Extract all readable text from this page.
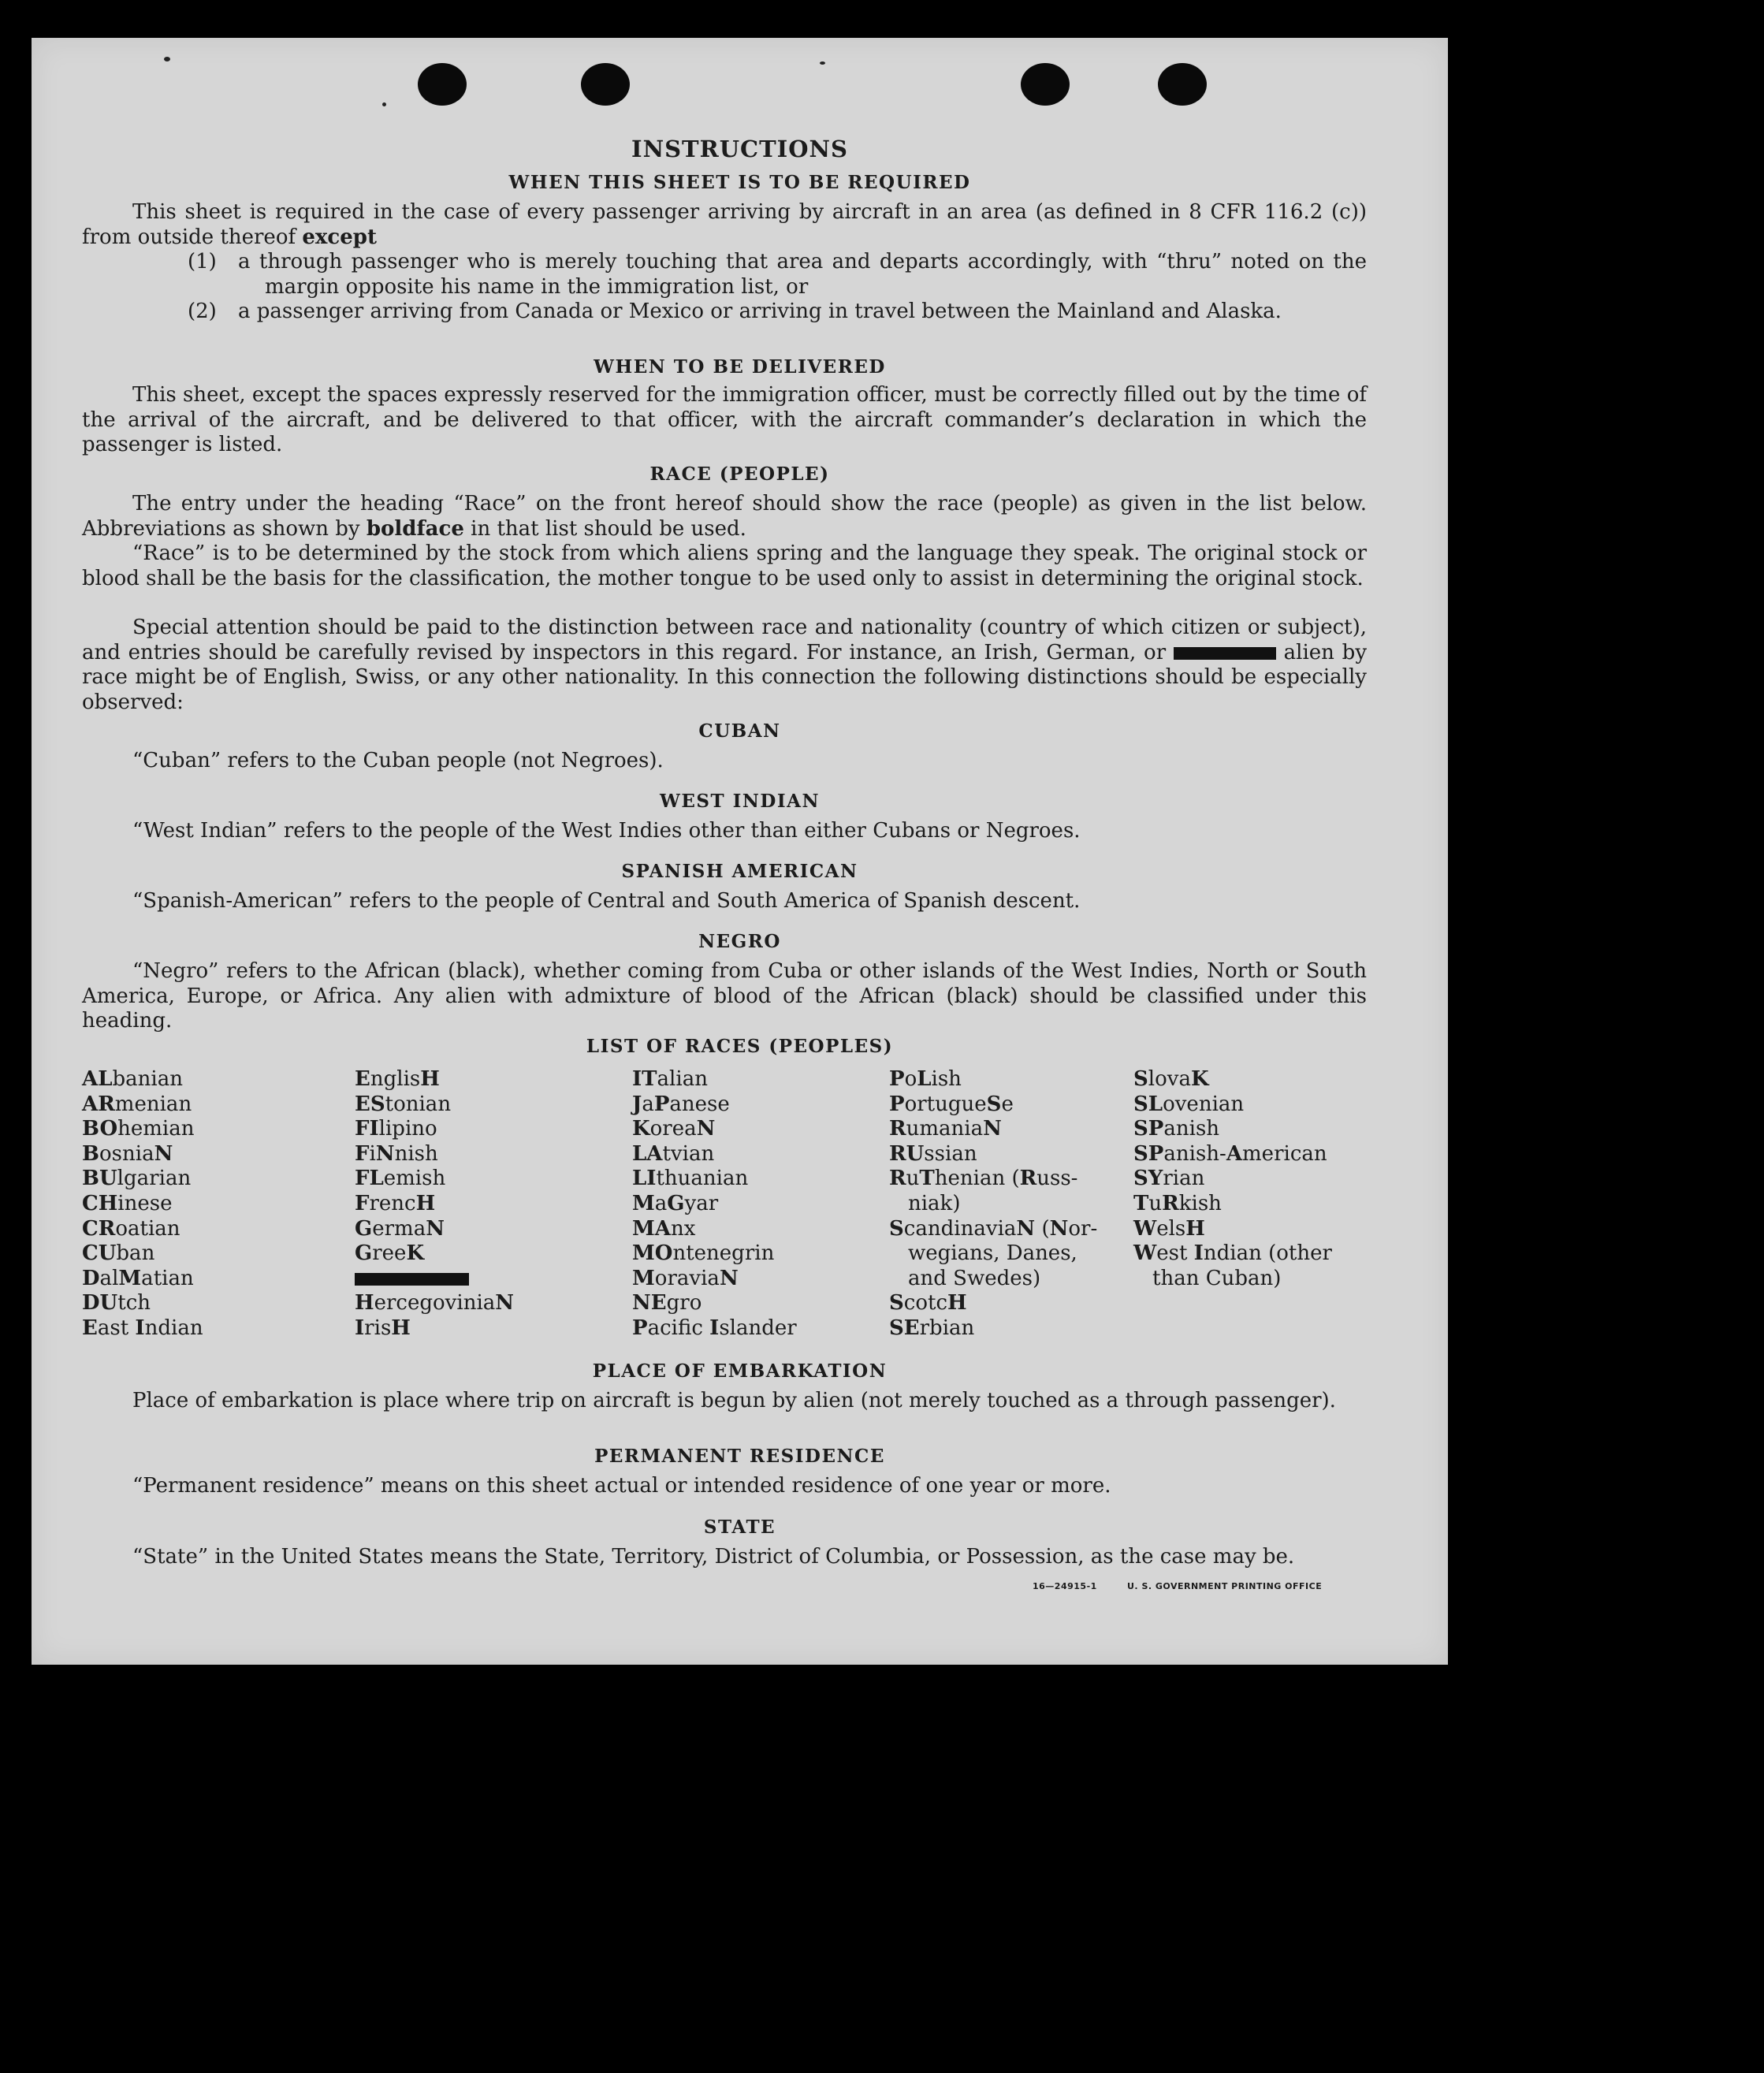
INSTRUCTIONS
WHEN THIS SHEET IS TO BE REQUIRED
This sheet is required in the case of every passenger arriving by aircraft in an area (as defined in 8 CFR 116.2 (c)) from outside thereof except
(1) a through passenger who is merely touching that area and departs accordingly, with “thru” noted on the margin opposite his name in the immigration list, or
(2) a passenger arriving from Canada or Mexico or arriving in travel between the Mainland and Alaska.
WHEN TO BE DELIVERED
This sheet, except the spaces expressly reserved for the immigration officer, must be correctly filled out by the time of the arrival of the aircraft, and be delivered to that officer, with the aircraft commander’s declaration in which the passenger is listed.
RACE (PEOPLE)
The entry under the heading “Race” on the front hereof should show the race (people) as given in the list below. Abbreviations as shown by boldface in that list should be used.
“Race” is to be determined by the stock from which aliens spring and the language they speak. The original stock or blood shall be the basis for the classification, the mother tongue to be used only to assist in determining the original stock.
Special attention should be paid to the distinction between race and nationality (country of which citizen or subject), and entries should be carefully revised by inspectors in this regard. For instance, an Irish, German, or	alien by race might be of English, Swiss, or any other nationality. In this connection the following distinctions should be especially observed:
CUBAN
“Cuban” refers to the Cuban people (not Negroes).
WEST INDIAN
“West Indian” refers to the people of the West Indies other than either Cubans or Negroes.
SPANISH AMERICAN
“Spanish-American” refers to the people of Central and South America of Spanish descent.
NEGRO
“Negro” refers to the African (black), whether coming from Cuba or other islands of the West Indies, North or South America, Europe, or Africa. Any alien with admixture of blood of the African (black) should be classified under this heading.
LIST OF RACES (PEOPLES)
ALbanian
ARmenian
BOhemian
BosniaN
BUlgarian
CHinese
CRoatian
CUban
DalMatian
DUtch
East Indian
EnglisH
EStonian
FIlipino
FiNnish
FLemish
FrencH
GermaN
GreeK
HercegoviniaN
IrisH
ITalian
JaPanese
KoreaN
LAtvian
LIthuanian
MaGyar
MAnx
MOntenegrin
MoraviaN
NEgro
Pacifc Islander
PoLish
PortugueSe
RumaniaN
RUssian
RuThenian (Russ-
niak)
ScandinaviaN (Nor-
wegians, Danes,
and Swedes)
ScotcH
SErbian
SlovaK
SLovenian
SPanish
SPanish-American
SYrian
TuRkish
WelsH
West Indian (other
than Cuban)
PLACE OF EMBARKATION
Place of embarkation is place where trip on aircraft is begun by alien (not merely touched as a through passenger).
PERMANENT RESIDENCE
“Permanent residence” means on this sheet actual or intended residence of one year or more.
STATE
“State” in the United States means the State, Territory, District of Columbia, or Possession, as the case may be.
16—24915-1	U. S. GOVERNMENT PRINTING OFFICE
